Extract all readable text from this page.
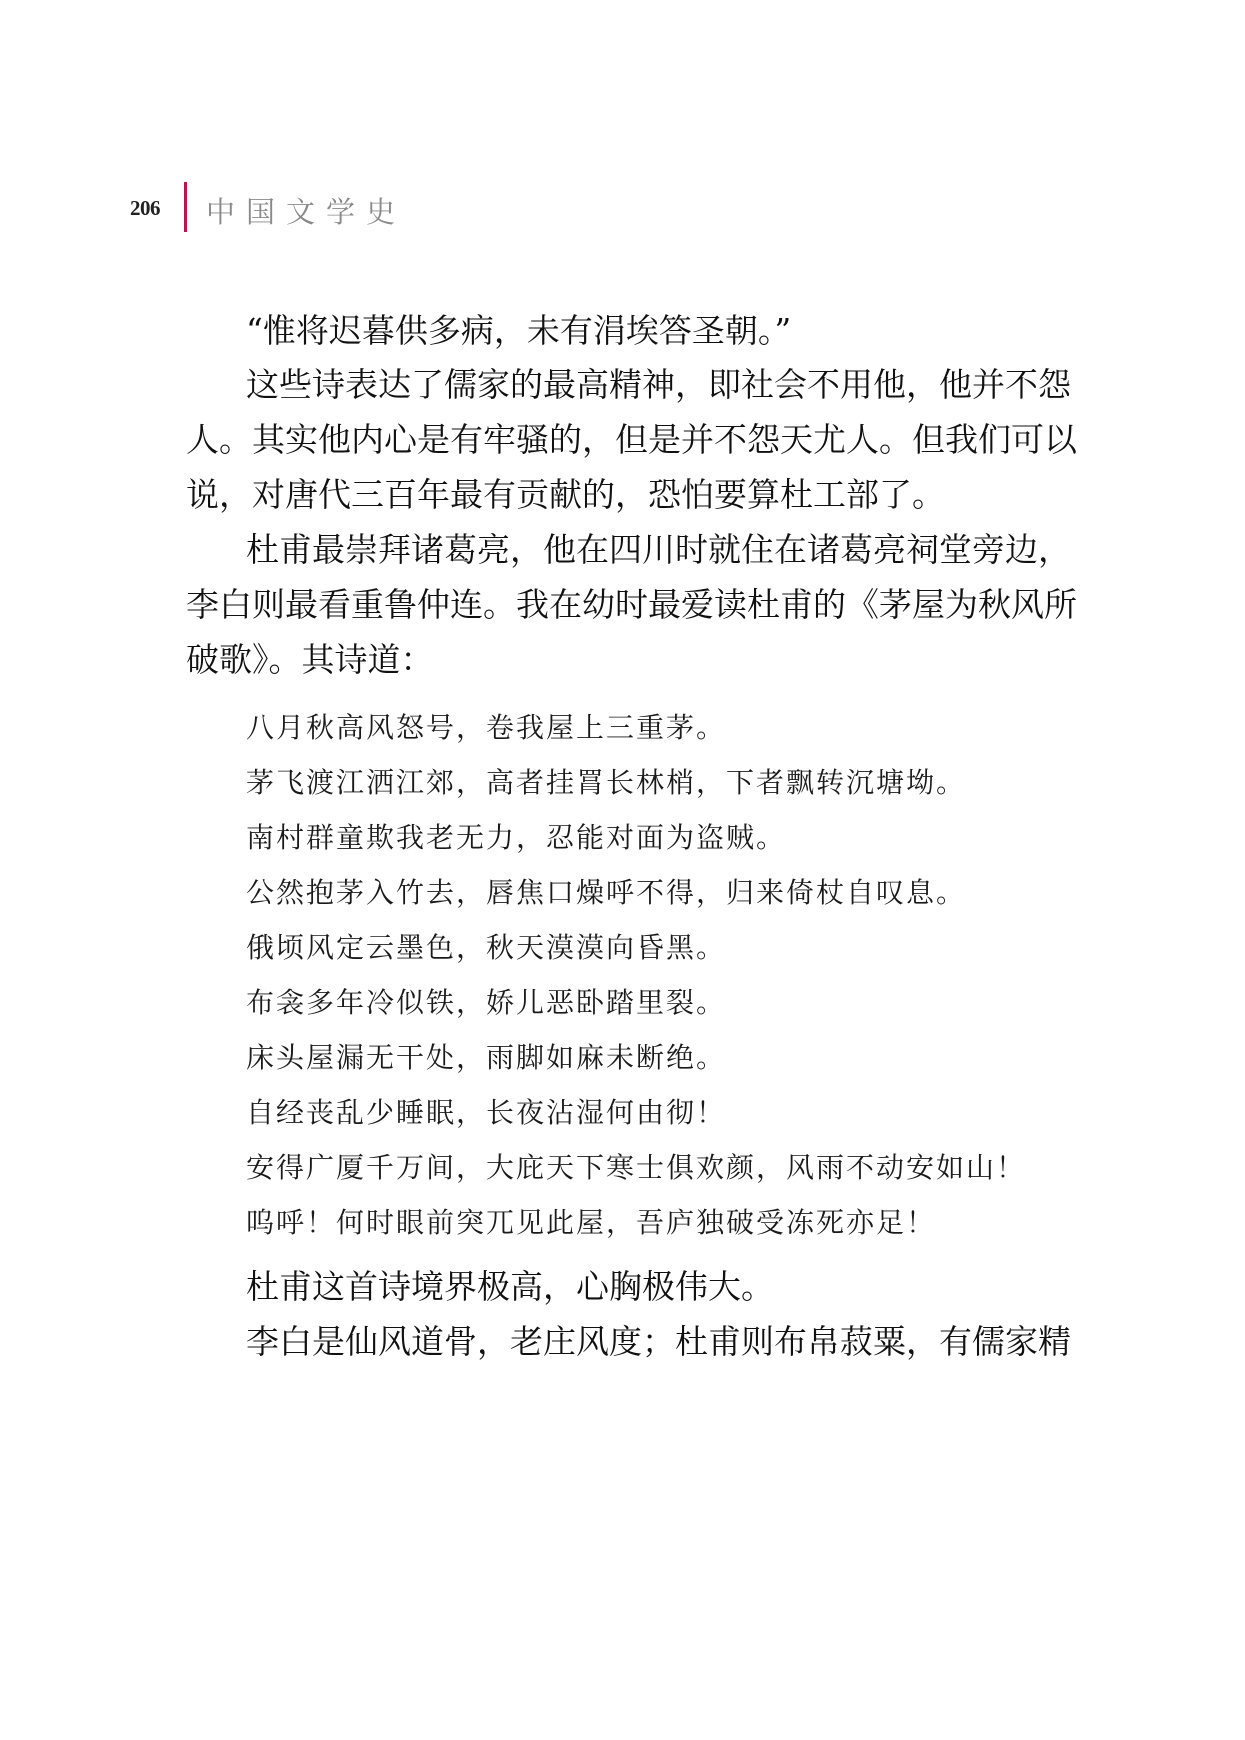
206 中国文学史
“惟将迟暮供多病，未有涓埃答圣朝。”
这些诗表达了儒家的最高精神，即社会不用他，他并不怨
人。其实他内心是有牢骚的，但是并不怨天尤人。但我们可以
说，对唐代三百年最有贡献的，恐怕要算杜工部了。
杜甫最崇拜诸葛亮，他在四川时就住在诸葛亮祠堂旁边，
李白则最看重鲁仲连。我在幼时最爱读杜甫的《茅屋为秋风所
破歌》。其诗道：
八月秋高风怒号，卷我屋上三重茅。
茅飞渡江洒江郊，高者挂罥长林梢，下者飘转沉塘坳。
南村群童欺我老无力，忍能对面为盗贼。
公然抱茅入竹去，唇焦口燥呼不得，归来倚杖自叹息。
俄顷风定云墨色，秋天漠漠向昏黑。
布衾多年冷似铁，娇儿恶卧踏里裂。
床头屋漏无干处，雨脚如麻未断绝。
自经丧乱少睡眠，长夜沾湿何由彻！
安得广厦千万间，大庇天下寒士俱欢颜，风雨不动安如山！
呜呼！何时眼前突兀见此屋，吾庐独破受冻死亦足！
杜甫这首诗境界极高，心胸极伟大。
李白是仙风道骨，老庄风度；杜甫则布帛菽粟，有儒家精
